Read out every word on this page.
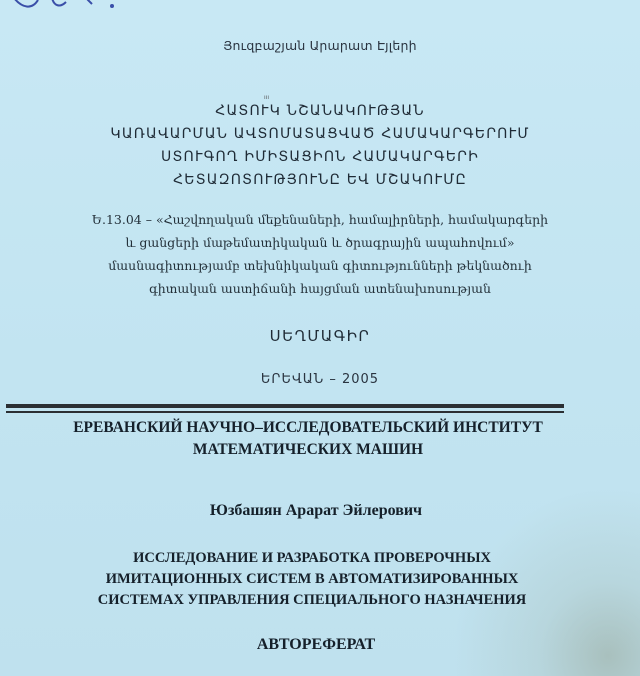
Յուզբաշյան Արարատ Էյլերի
ııı
ՀԱՏՈՒԿ ՆՇԱՆԱԿՈՒԹՅԱՆ
ԿԱՌԱՎԱՐՄԱՆ ԱՎՏՈՄԱՏԱՑՎԱԾ ՀԱՄԱԿԱՐԳԵՐՈՒՄ
ՍՏՈՒԳՈՂ ԻՄԻՏԱՑԻՈՆ ՀԱՄԱԿԱՐԳԵՐԻ
ՀԵՏԱԶՈՏՈՒԹՅՈՒՆԸ ԵՎ ՄՇԱԿՈՒՄԸ
Ե.13.04 – «Հաշվողական մեքենաների, համալիրների, համակարգերի
և ցանցերի մաթեմատիկական և ծրագրային ապահովում»
մասնագիտությամբ տեխնիկական գիտությունների թեկնածուի
գիտական աստիճանի հայցման ատենախոսության
ՍԵՂՄԱԳԻՐ
ԵՐԵՎԱՆ – 2005
ЕРЕВАНСКИЙ НАУЧНО–ИССЛЕДОВАТЕЛЬСКИЙ ИНСТИТУТ
МАТЕМАТИЧЕСКИХ МАШИН
Юзбашян Арарат Эйлерович
ИССЛЕДОВАНИЕ И РАЗРАБОТКА ПРОВЕРОЧНЫХ
ИМИТАЦИОННЫХ СИСТЕМ В АВТОМАТИЗИРОВАННЫХ
СИСТЕМАХ УПРАВЛЕНИЯ СПЕЦИАЛЬНОГО НАЗНАЧЕНИЯ
АВТОРЕФЕРАТ
